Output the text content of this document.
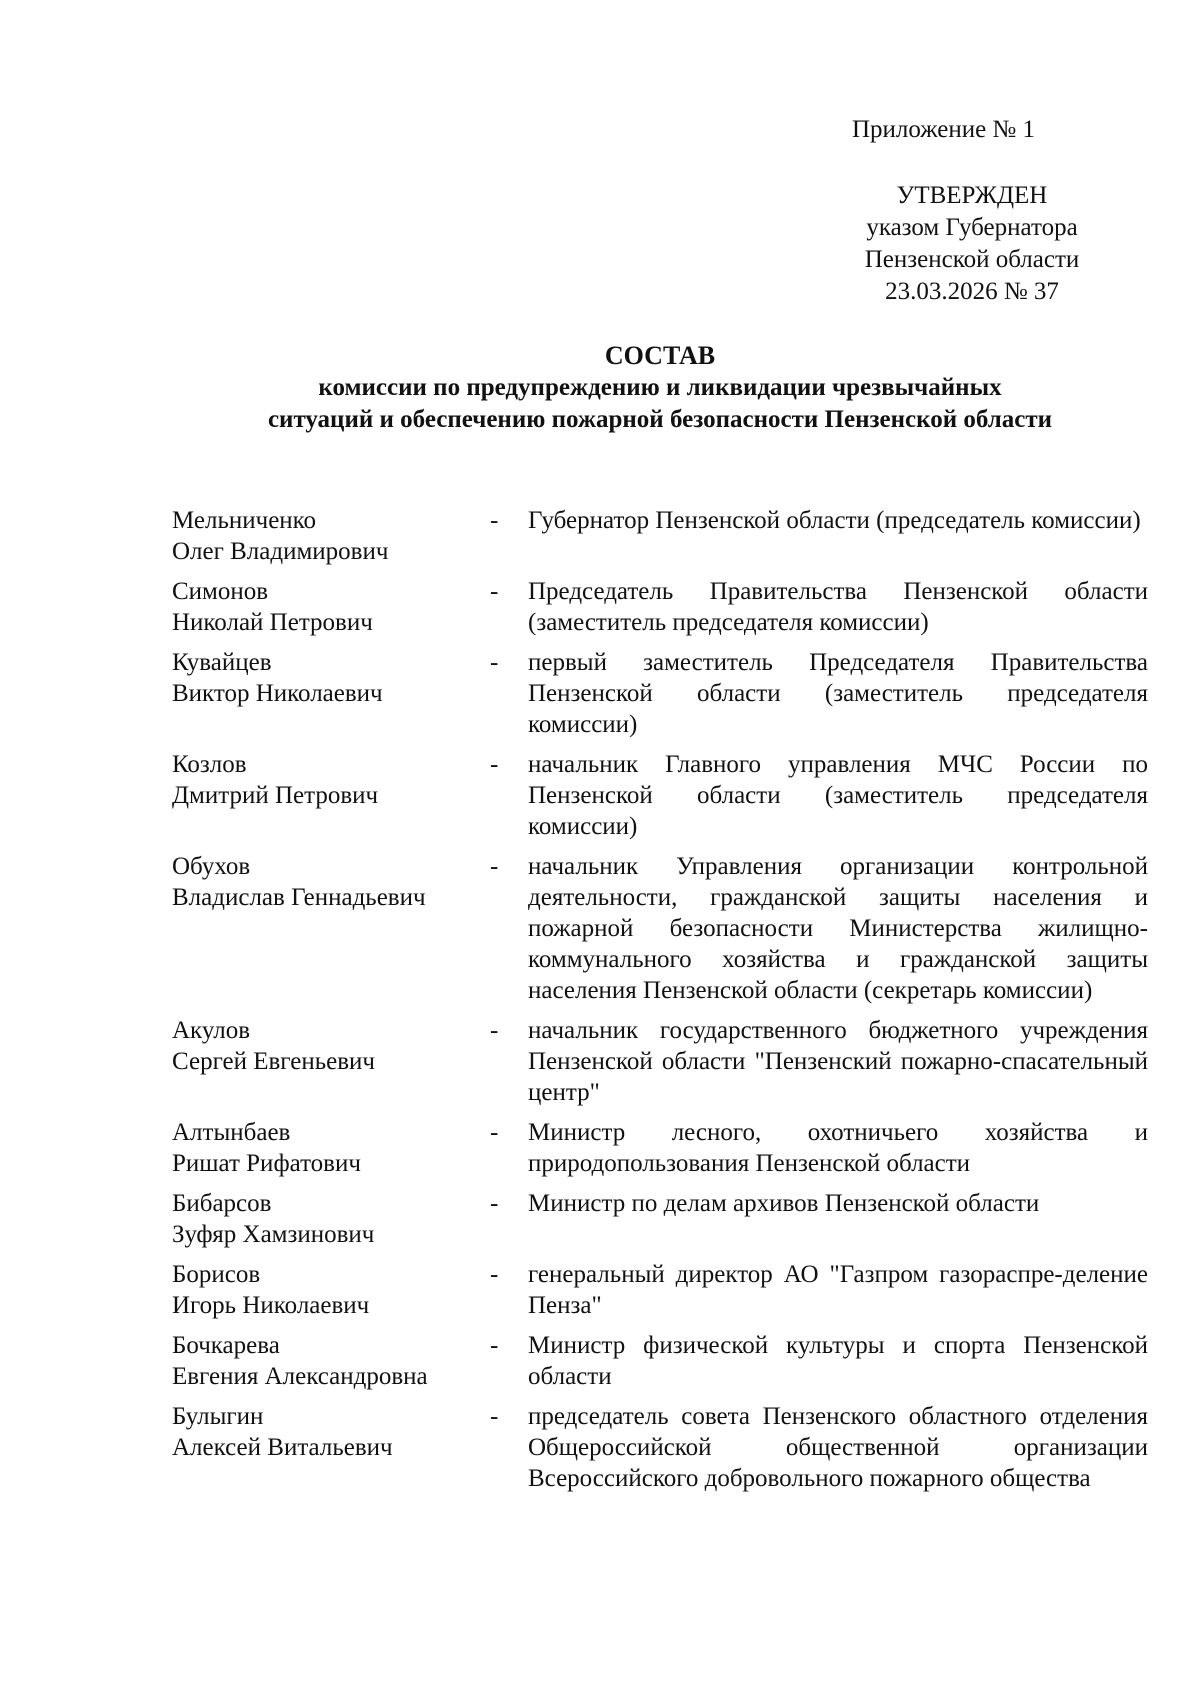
Приложение № 1
УТВЕРЖДЕН
указом Губернатора
Пензенской области
23.03.2026 № 37
СОСТАВ
комиссии по предупреждению и ликвидации чрезвычайных
ситуаций и обеспечению пожарной безопасности Пензенской области
Мельниченко
Олег Владимирович
-	Губернатор Пензенской области (председатель комиссии)
Симонов
Николай Петрович
-	Председатель Правительства Пензенской области (заместитель председателя комиссии)
Кувайцев
Виктор Николаевич
-	первый заместитель Председателя Правительства Пензенской области (заместитель председателя комиссии)
Козлов
Дмитрий Петрович
-	начальник Главного управления МЧС России по Пензенской области (заместитель председателя комиссии)
Обухов
Владислав Геннадьевич
-	начальник Управления организации контрольной деятельности, гражданской защиты населения и пожарной безопасности Министерства жилищно-коммунального хозяйства и гражданской защиты населения Пензенской области (секретарь комиссии)
Акулов
Сергей Евгеньевич
-	начальник государственного бюджетного учреждения Пензенской области "Пензенский пожарно-спасательный центр"
Алтынбаев
Ришат Рифатович
-	Министр лесного, охотничьего хозяйства и природопользования Пензенской области
Бибарсов
Зуфяр Хамзинович
-	Министр по делам архивов Пензенской области
Борисов
Игорь Николаевич
-	генеральный директор АО "Газпром газораспре-деление Пенза"
Бочкарева
Евгения Александровна
-	Министр физической культуры и спорта Пензенской области
Булыгин
Алексей Витальевич
-	председатель совета Пензенского областного отделения Общероссийской общественной организации Всероссийского добровольного пожарного общества
